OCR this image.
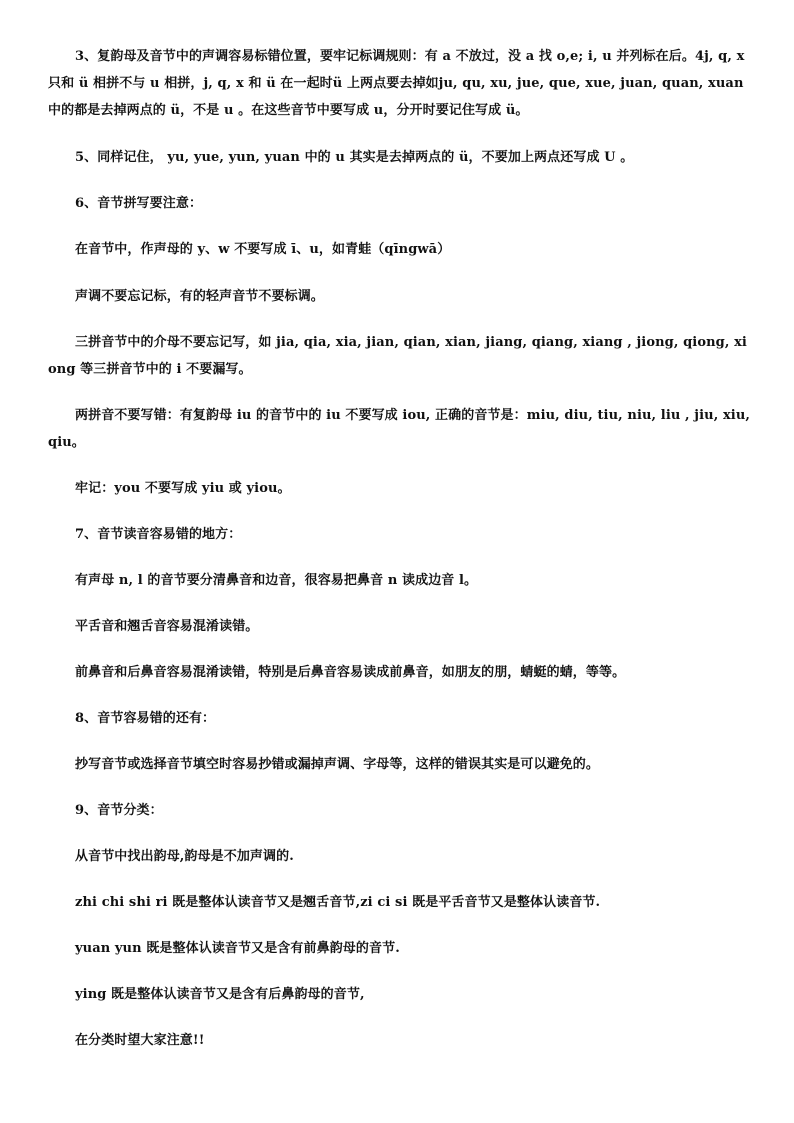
3、复韵母及音节中的声调容易标错位置，要牢记标调规则：有 a 不放过，没 a 找 o,e; i, u 并列标在后。4j, q, x 只和 ü 相拼不与 u 相拼，j, q, x 和 ü 在一起时ü 上两点要去掉如ju, qu, xu, jue, que, xue, juan, quan, xuan 中的都是去掉两点的 ü，不是 u 。在这些音节中要写成 u，分开时要记住写成 ü。

5、同样记住， yu, yue, yun, yuan 中的 u 其实是去掉两点的 ü，不要加上两点还写成 U 。

6、音节拼写要注意：

在音节中，作声母的 y、w 不要写成 ī、u，如青蛙（qīngwā）

声调不要忘记标，有的轻声音节不要标调。

三拼音节中的介母不要忘记写，如 jia, qia, xia, jian, qian, xian, jiang, qiang, xiang , jiong, qiong, xiong 等三拼音节中的 i 不要漏写。

两拼音不要写错：有复韵母 iu 的音节中的 iu 不要写成 iou, 正确的音节是：miu, diu, tiu, niu, liu , jiu, xiu, qiu。

牢记：you 不要写成 yiu 或 yiou。

7、音节读音容易错的地方：

有声母 n, l 的音节要分清鼻音和边音，很容易把鼻音 n 读成边音 l。

平舌音和翘舌音容易混淆读错。

前鼻音和后鼻音容易混淆读错，特别是后鼻音容易读成前鼻音，如朋友的朋，蜻蜓的蜻，等等。

8、音节容易错的还有：

抄写音节或选择音节填空时容易抄错或漏掉声调、字母等，这样的错误其实是可以避免的。

9、音节分类：

从音节中找出韵母,韵母是不加声调的.

zhi chi shi ri 既是整体认读音节又是翘舌音节,zi ci si 既是平舌音节又是整体认读音节.

yuan yun 既是整体认读音节又是含有前鼻韵母的音节.

ying 既是整体认读音节又是含有后鼻韵母的音节,

在分类时望大家注意!!
